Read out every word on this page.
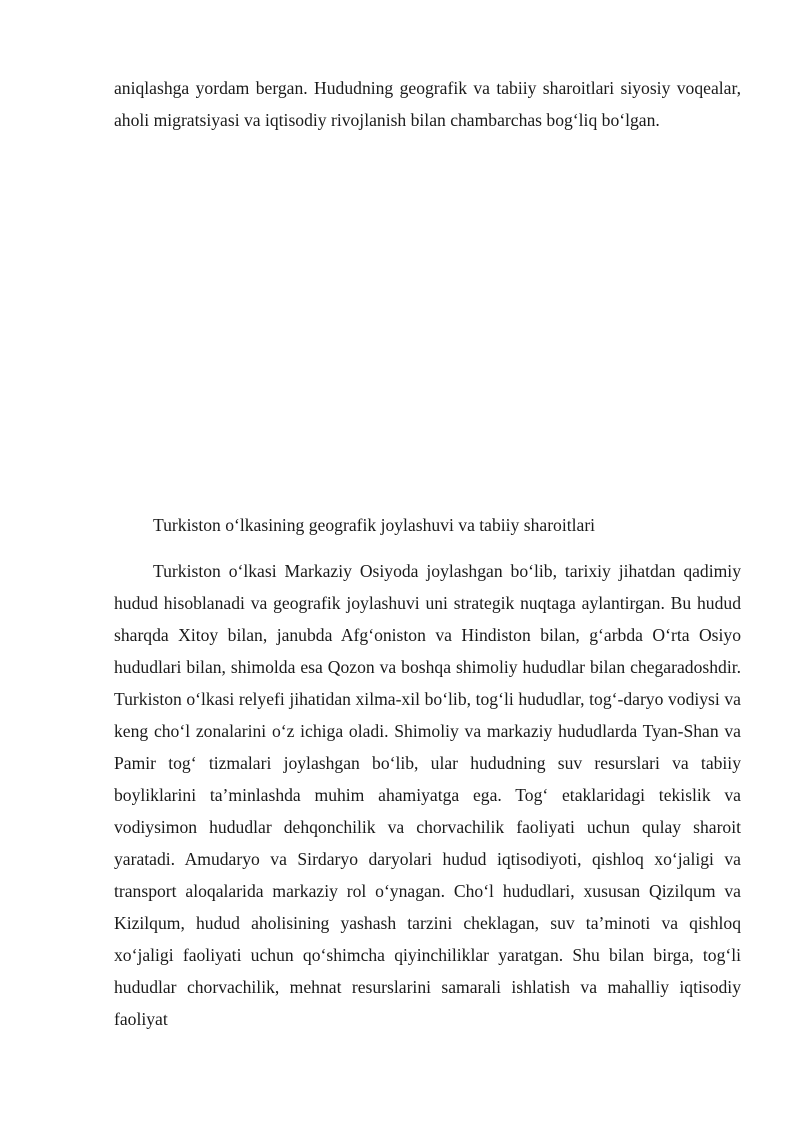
aniqlashga yordam bergan. Hududning geografik va tabiiy sharoitlari siyosiy voqealar, aholi migratsiyasi va iqtisodiy rivojlanish bilan chambarchas bog‘liq bo‘lgan.

Turkiston o‘lkasining geografik joylashuvi va tabiiy sharoitlari

Turkiston o‘lkasi Markaziy Osiyoda joylashgan bo‘lib, tarixiy jihatdan qadimiy hudud hisoblanadi va geografik joylashuvi uni strategik nuqtaga aylantirgan. Bu hudud sharqda Xitoy bilan, janubda Afg‘oniston va Hindiston bilan, g‘arbda O‘rta Osiyo hududlari bilan, shimolda esa Qozon va boshqa shimoliy hududlar bilan chegaradoshdir. Turkiston o‘lkasi relyefi jihatidan xilma-xil bo‘lib, tog‘li hududlar, tog‘-daryo vodiysi va keng cho‘l zonalarini o‘z ichiga oladi. Shimoliy va markaziy hududlarda Tyan-Shan va Pamir tog‘ tizmalari joylashgan bo‘lib, ular hududning suv resurslari va tabiiy boyliklarini ta’minlashda muhim ahamiyatga ega. Tog‘ etaklaridagi tekislik va vodiysimon hududlar dehqonchilik va chorvachilik faoliyati uchun qulay sharoit yaratadi. Amudaryo va Sirdaryo daryolari hudud iqtisodiyoti, qishloq xo‘jaligi va transport aloqalarida markaziy rol o‘ynagan. Cho‘l hududlari, xususan Qizilqum va Kizilqum, hudud aholisining yashash tarzini cheklagan, suv ta’minoti va qishloq xo‘jaligi faoliyati uchun qo‘shimcha qiyinchiliklar yaratgan. Shu bilan birga, tog‘li hududlar chorvachilik, mehnat resurslarini samarali ishlatish va mahalliy iqtisodiy faoliyat
